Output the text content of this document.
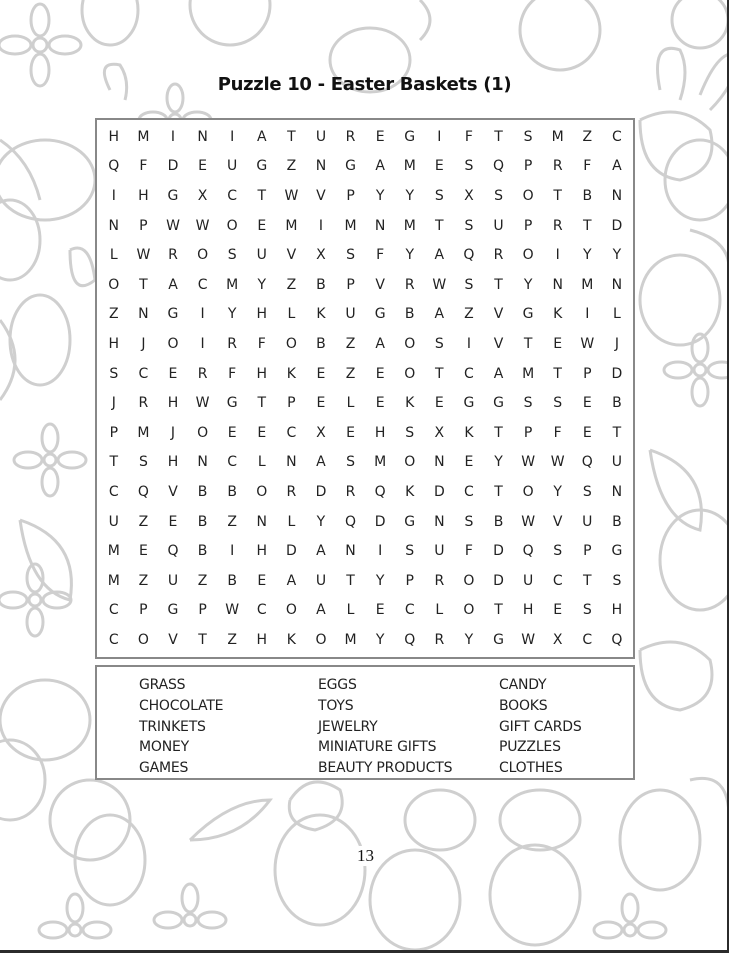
Puzzle 10 - Easter Baskets (1)
H	M	I	N	I	A	T	U	R	E	G	I	F	T	S	M	Z	C
Q	F	D	E	U	G	Z	N	G	A	M	E	S	Q	P	R	F	A
I	H	G	X	C	T	W	V	P	Y	Y	S	X	S	O	T	B	N
N	P	W	W	O	E	M	I	M	N	M	T	S	U	P	R	T	D
L	W	R	O	S	U	V	X	S	F	Y	A	Q	R	O	I	Y	Y
O	T	A	C	M	Y	Z	B	P	V	R	W	S	T	Y	N	M	N
Z	N	G	I	Y	H	L	K	U	G	B	A	Z	V	G	K	I	L
H	J	O	I	R	F	O	B	Z	A	O	S	I	V	T	E	W	J
S	C	E	R	F	H	K	E	Z	E	O	T	C	A	M	T	P	D
J	R	H	W	G	T	P	E	L	E	K	E	G	G	S	S	E	B
P	M	J	O	E	E	C	X	E	H	S	X	K	T	P	F	E	T
T	S	H	N	C	L	N	A	S	M	O	N	E	Y	W	W	Q	U
C	Q	V	B	B	O	R	D	R	Q	K	D	C	T	O	Y	S	N
U	Z	E	B	Z	N	L	Y	Q	D	G	N	S	B	W	V	U	B
M	E	Q	B	I	H	D	A	N	I	S	U	F	D	Q	S	P	G
M	Z	U	Z	B	E	A	U	T	Y	P	R	O	D	U	C	T	S
C	P	G	P	W	C	O	A	L	E	C	L	O	T	H	E	S	H
C	O	V	T	Z	H	K	O	M	Y	Q	R	Y	G	W	X	C	Q
GRASS
CHOCOLATE
TRINKETS
MONEY
GAMES
EGGS
TOYS
JEWELRY
MINIATURE GIFTS
BEAUTY PRODUCTS
CANDY
BOOKS
GIFT CARDS
PUZZLES
CLOTHES
13
